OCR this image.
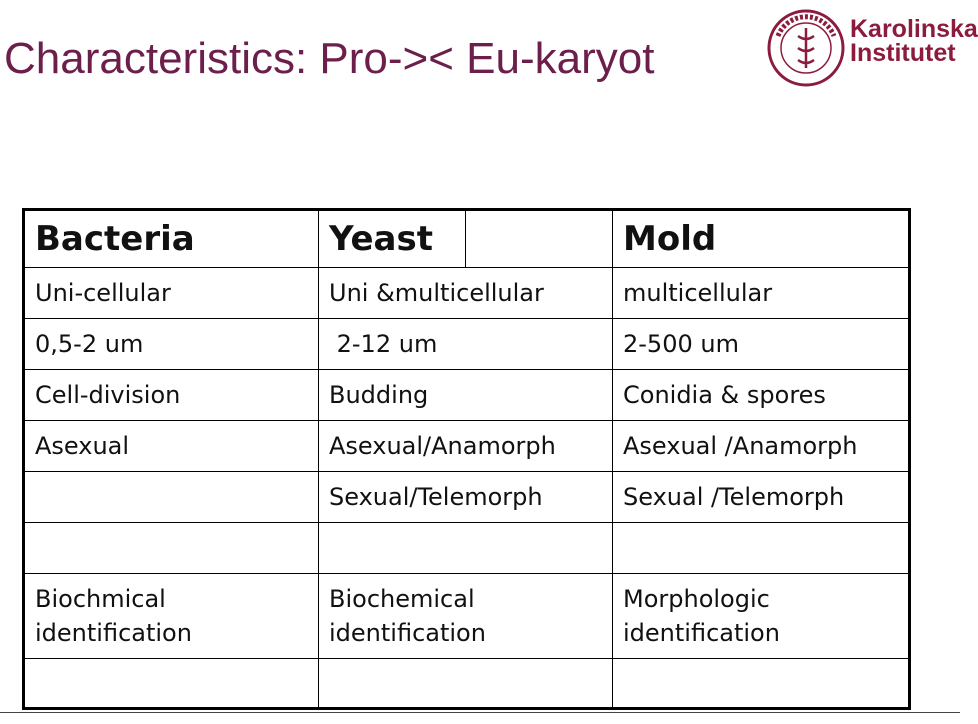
Characteristics: Pro->< Eu-karyot
Karolinska
Institutet
Bacteria	Yeast		Mold
Uni-cellular	Uni &multicellular		multicellular
0,5-2 um	2-12 um		2-500 um
Cell-division	Budding		Conidia & spores
Asexual	Asexual/Anamorph		Asexual /Anamorph
	Sexual/Telemorph		Sexual /Telemorph

Biochmical identification	Biochemical identification		Morphologic identification
